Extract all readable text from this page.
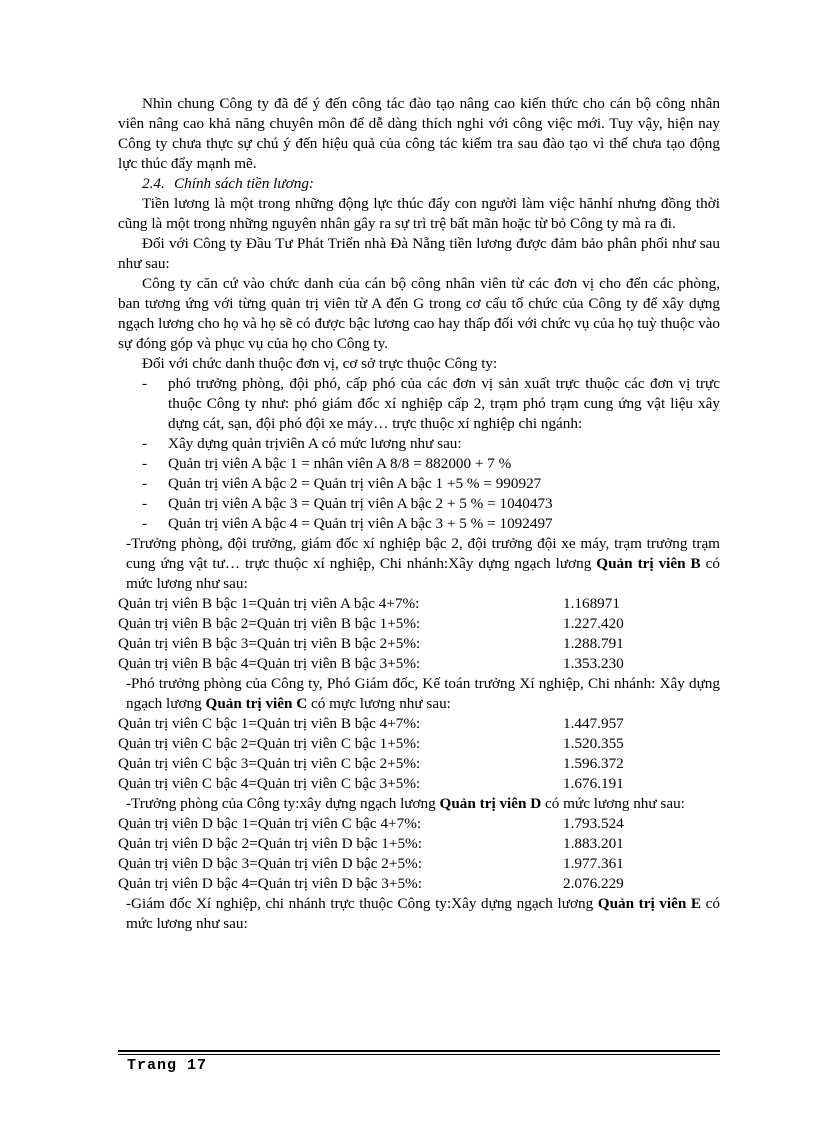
Nhìn chung Công ty đã để ý đến công tác đào tạo nâng cao kiến thức cho cán bộ công nhân viên nâng cao khả năng chuyên môn để dễ dàng thích nghi với công việc mới. Tuy vậy, hiện nay Công ty chưa thực sự chú ý đến hiệu quả của công tác kiểm tra sau đào tạo vì thế chưa tạo động lực thúc đẩy mạnh mẽ.

2.4. Chính sách tiền lương:

Tiền lương là một trong những động lực thúc đẩy con người làm việc hănhí nhưng đồng thời cũng là một trong những nguyên nhân gây ra sự trì trệ bất mãn hoặc từ bỏ Công ty mà ra đi.

Đối với Công ty Đầu Tư Phát Triển nhà Đà Nẵng tiền lương được đảm bảo phân phối như sau như sau:

Công ty căn cứ vào chức danh của cán bộ công nhân viên từ các đơn vị cho đến các phòng, ban tương ứng với từng quản trị viên từ A đến G trong cơ cấu tổ chức của Công ty để xây dựng ngạch lương cho họ và họ sẽ có được bậc lương cao hay thấp đối với chức vụ của họ tuỳ thuộc vào sự đóng góp và phục vụ của họ cho Công ty.

Đối với chức danh thuộc đơn vị, cơ sở trực thuộc Công ty:

-	phó trưởng phòng, đội phó, cấp phó của các đơn vị sản xuất trực thuộc các đơn vị trực thuộc Công ty như: phó giám đốc xí nghiệp cấp 2, trạm phó trạm cung ứng vật liệu xây dựng cát, sạn, đội phó đội xe máy… trực thuộc xí nghiệp chi ngánh:

-	Xây dựng quản trịviên A có mức lương như sau:

-	Quản trị viên A bậc 1 = nhân viên A 8/8 = 882000 + 7 %

-	Quản trị viên A bậc 2 = Quản trị viên A bậc 1 +5 % = 990927

-	Quản trị viên A bậc 3 = Quản trị viên A bậc 2 + 5 % = 1040473

-	Quản trị viên A bậc 4 = Quản trị viên A bậc 3 + 5 % = 1092497

-Trưởng phòng, đội trưởng, giám đốc xí nghiệp bậc 2, đội trưởng đội xe máy, trạm trưởng trạm cung ứng vật tư… trực thuộc xí nghiệp, Chi nhánh:Xây dựng ngạch lương Quản trị viên B có mức lương như sau:

Quản trị viên B bậc 1=Quản trị viên A bậc 4+7%:	1.168971
Quản trị viên B bậc 2=Quản trị viên B bậc 1+5%:	1.227.420
Quản trị viên B bậc 3=Quản trị viên B bậc 2+5%:	1.288.791
Quản trị viên B bậc 4=Quản trị viên B bậc 3+5%:	1.353.230

-Phó trưởng phòng của Công ty, Phó Giám đốc, Kế toán trưởng Xí nghiệp, Chi nhánh: Xây dựng ngạch lương Quản trị viên C có mực lương như sau:

Quản trị viên C bậc 1=Quản trị viên B bậc 4+7%:	1.447.957
Quản trị viên C bậc 2=Quản trị viên C bậc 1+5%:	1.520.355
Quản trị viên C bậc 3=Quản trị viên C bậc 2+5%:	1.596.372
Quản trị viên C bậc 4=Quản trị viên C bậc 3+5%:	1.676.191

-Trưởng phòng của Công ty:xây dựng ngạch lương Quản trị viên D có mức lương như sau:

Quản trị viên D bậc 1=Quản trị viên C bậc 4+7%:	1.793.524
Quản trị viên D bậc 2=Quản trị viên D bậc 1+5%:	1.883.201
Quản trị viên D bậc 3=Quản trị viên D bậc 2+5%:	1.977.361
Quản trị viên D bậc 4=Quản trị viên D bậc 3+5%:	2.076.229

-Giám đốc Xí nghiệp, chi nhánh trực thuộc Công ty:Xây dựng ngạch lương Quản trị viên E có mức lương như sau:

Trang 17
